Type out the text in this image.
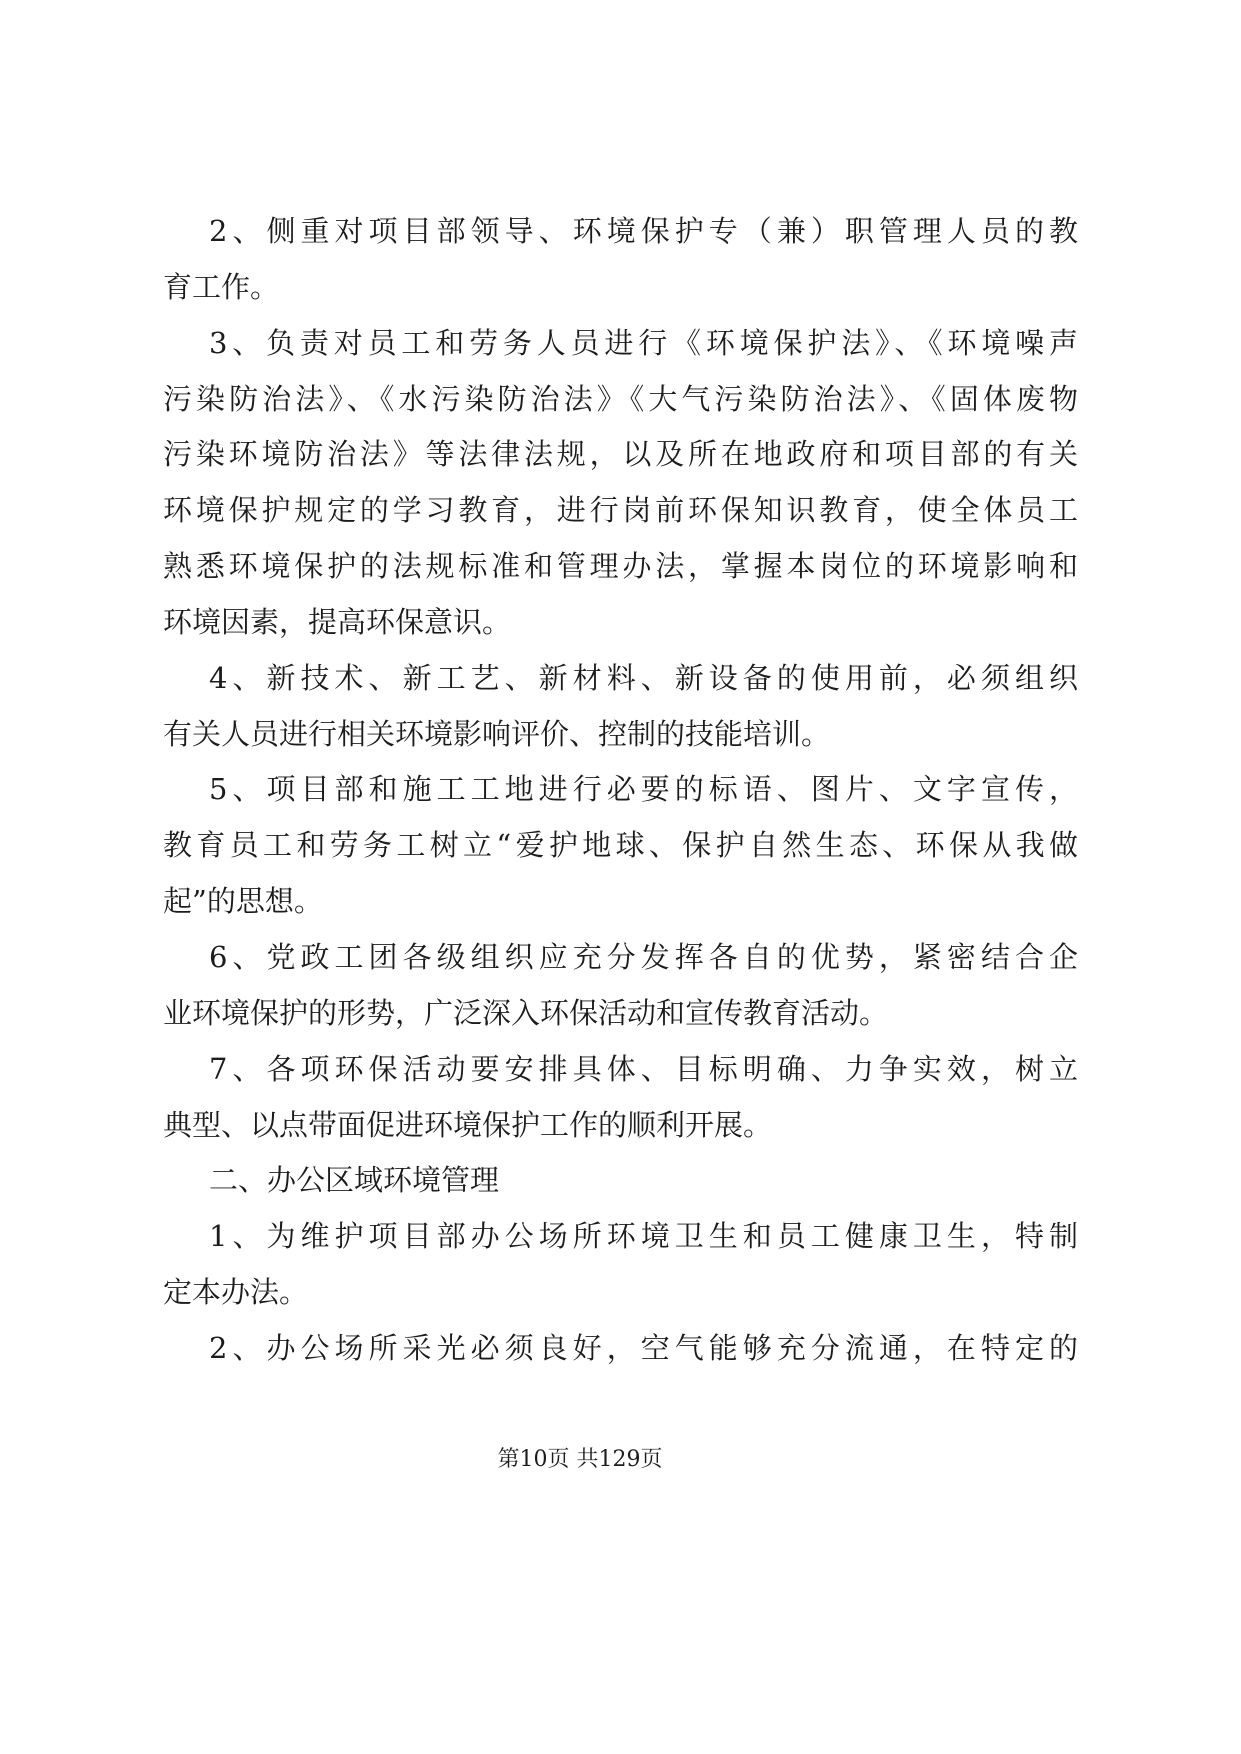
2、侧重对项目部领导、环境保护专（兼）职管理人员的教
育工作。
3、负责对员工和劳务人员进行《环境保护法》、《环境噪声
污染防治法》、《水污染防治法》《大气污染防治法》、《固体废物
污染环境防治法》等法律法规，以及所在地政府和项目部的有关
环境保护规定的学习教育，进行岗前环保知识教育，使全体员工
熟悉环境保护的法规标准和管理办法，掌握本岗位的环境影响和
环境因素，提高环保意识。
4、新技术、新工艺、新材料、新设备的使用前，必须组织
有关人员进行相关环境影响评价、控制的技能培训。
5、项目部和施工工地进行必要的标语、图片、文字宣传，
教育员工和劳务工树立“爱护地球、保护自然生态、环保从我做
起”的思想。
6、党政工团各级组织应充分发挥各自的优势，紧密结合企
业环境保护的形势，广泛深入环保活动和宣传教育活动。
7、各项环保活动要安排具体、目标明确、力争实效，树立
典型、以点带面促进环境保护工作的顺利开展。
二、办公区域环境管理
1、为维护项目部办公场所环境卫生和员工健康卫生，特制
定本办法。
2、办公场所采光必须良好，空气能够充分流通，在特定的
第10页 共129页
